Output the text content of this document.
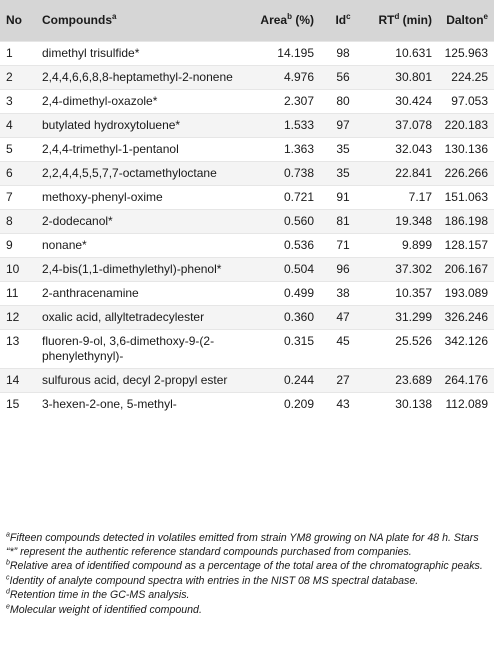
No	Compounds$^a$	Area$^b$ (%)	Id$^c$	$RT^d$ (min)	Dalton$^e$
1	dimethyl trisulfide*	14.195	98	10.631	125.963
2	2,4,4,6,6,8,8-heptamethyl-2-nonene	4.976	56	30.801	224.25
3	2,4-dimethyl-oxazole*	2.307	80	30.424	97.053
4	butylated hydroxytoluene*	1.533	97	37.078	220.183
5	2,4,4-trimethyl-1-pentanol	1.363	35	32.043	130.136
6	2,2,4,4,5,5,7,7-octamethyloctane	0.738	35	22.841	226.266
7	methoxy-phenyl-oxime	0.721	91	7.17	151.063
8	2-dodecanol*	0.560	81	19.348	186.198
9	nonane*	0.536	71	9.899	128.157
10	2,4-bis(1,1-dimethylethyl)-phenol*	0.504	96	37.302	206.167
11	2-anthracenamine	0.499	38	10.357	193.089
12	oxalic acid, allyltetradecylester	0.360	47	31.299	326.246
13	fluoren-9-ol, 3,6-dimethoxy-9-(2-phenylethynyl)-	0.315	45	25.526	342.126
14	sulfurous acid, decyl 2-propyl ester	0.244	27	23.689	264.176
15	3-hexen-2-one, 5-methyl-	0.209	43	30.138	112.089

$^a$Fifteen compounds detected in volatiles emitted from strain YM8 growing on NA plate for 48 h. Stars “*” represent the authentic reference standard compounds purchased from companies.

$^b$Relative area of identified compound as a percentage of the total area of the chromatographic peaks.

$^c$Identity of analyte compound spectra with entries in the NIST 08 MS spectral database.

$^d$Retention time in the GC-MS analysis.

$^e$Molecular weight of identified compound.
